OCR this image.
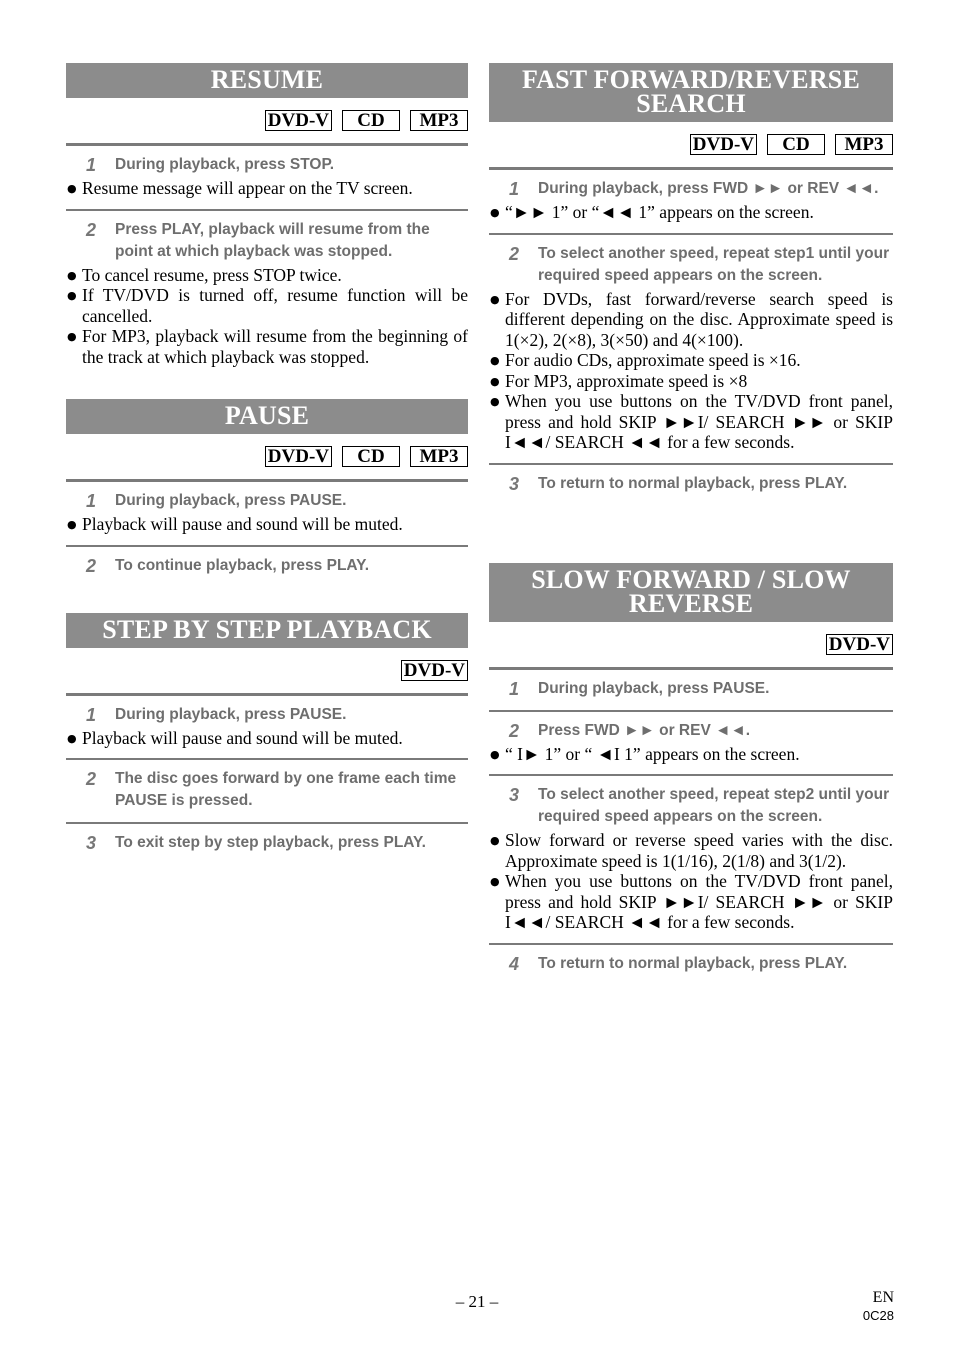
RESUME
DVD-V	CD	MP3
1	During playback, press STOP.
● Resume message will appear on the TV screen.
2	Press PLAY, playback will resume from the point at which playback was stopped.
● To cancel resume, press STOP twice.
● If TV/DVD is turned off, resume function will be cancelled.
● For MP3, playback will resume from the beginning of the track at which playback was stopped.
PAUSE
DVD-V	CD	MP3
1	During playback, press PAUSE.
● Playback will pause and sound will be muted.
2	To continue playback, press PLAY.
STEP BY STEP PLAYBACK
DVD-V
1	During playback, press PAUSE.
● Playback will pause and sound will be muted.
2	The disc goes forward by one frame each time PAUSE is pressed.
3	To exit step by step playback, press PLAY.
FAST FORWARD/REVERSE SEARCH
DVD-V	CD	MP3
1	During playback, press FWD ►► or REV ◄◄.
● “►► 1” or “◄◄ 1” appears on the screen.
2	To select another speed, repeat step1 until your required speed appears on the screen.
● For DVDs, fast forward/reverse search speed is different depending on the disc. Approximate speed is 1(×2), 2(×8), 3(×50) and 4(×100).
● For audio CDs, approximate speed is ×16.
● For MP3, approximate speed is ×8
● When you use buttons on the TV/DVD front panel, press and hold SKIP ►►I/ SEARCH ►► or SKIP I◄◄/ SEARCH ◄◄ for a few seconds.
3	To return to normal playback, press PLAY.
SLOW FORWARD / SLOW REVERSE
DVD-V
1	During playback, press PAUSE.
2	Press FWD ►► or REV ◄◄.
● “ I► 1” or “ ◄I 1” appears on the screen.
3	To select another speed, repeat step2 until your required speed appears on the screen.
● Slow forward or reverse speed varies with the disc. Approximate speed is 1(1/16), 2(1/8) and 3(1/2).
● When you use buttons on the TV/DVD front panel, press and hold SKIP ►►I/ SEARCH ►► or SKIP I◄◄/ SEARCH ◄◄ for a few seconds.
4	To return to normal playback, press PLAY.
– 21 –	EN
0C28
